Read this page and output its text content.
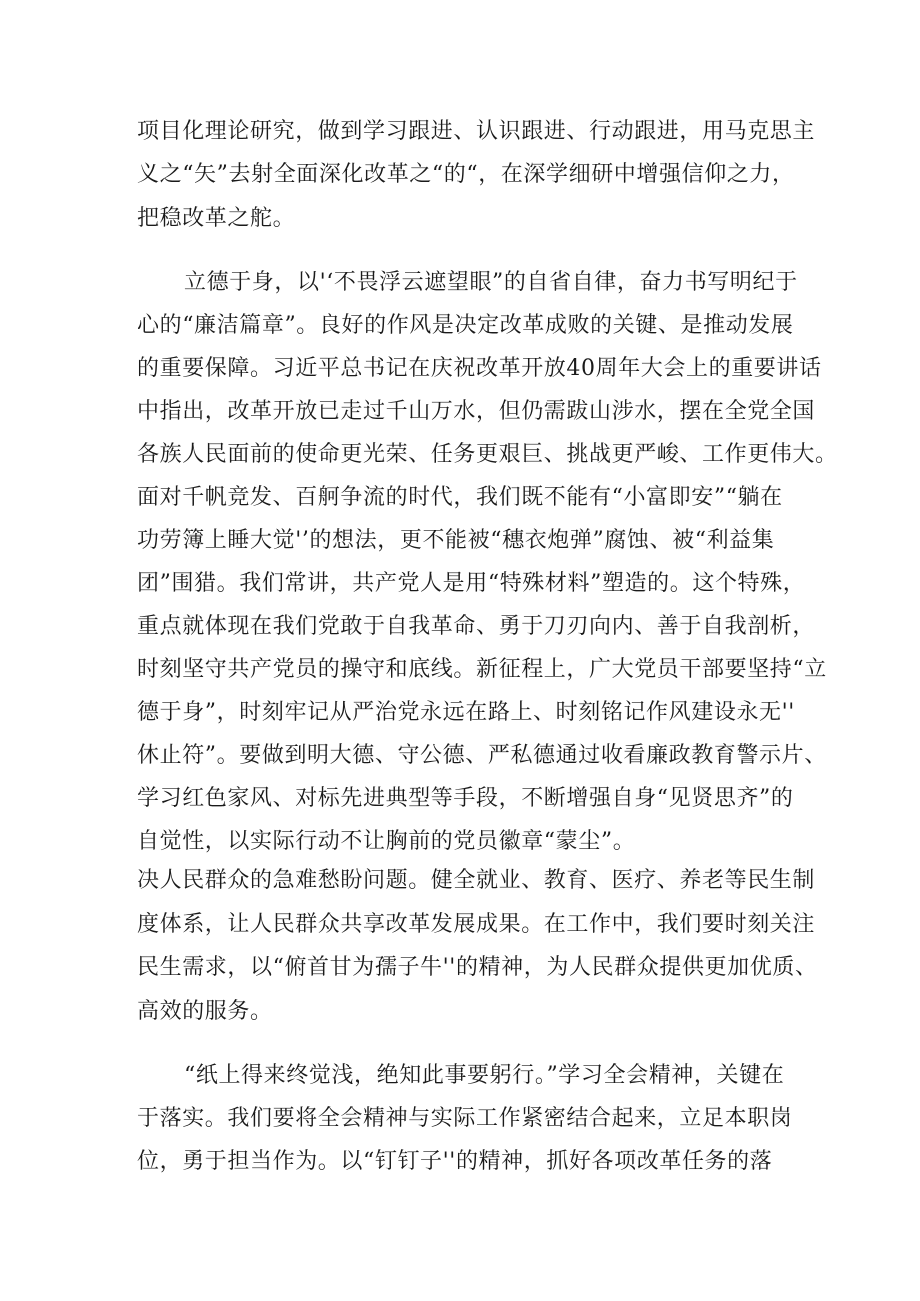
项目化理论研究，做到学习跟进、认识跟进、行动跟进，用马克思主
义之“矢”去射全面深化改革之“的“，在深学细研中增强信仰之力，
把稳改革之舵。
立德于身，以'‘不畏浮云遮望眼”的自省自律，奋力书写明纪于
心的“廉洁篇章”。良好的作风是决定改革成败的关键、是推动发展
的重要保障。习近平总书记在庆祝改革开放40周年大会上的重要讲话
中指出，改革开放已走过千山万水，但仍需跋山涉水，摆在全党全国
各族人民面前的使命更光荣、任务更艰巨、挑战更严峻、工作更伟大。
面对千帆竞发、百舸争流的时代，我们既不能有“小富即安”“躺在
功劳簿上睡大觉'’的想法，更不能被“穗衣炮弹”腐蚀、被“利益集
团”围猎。我们常讲，共产党人是用“特殊材料”塑造的。这个特殊，
重点就体现在我们党敢于自我革命、勇于刀刃向内、善于自我剖析，
时刻坚守共产党员的操守和底线。新征程上，广大党员干部要坚持“立
德于身”，时刻牢记从严治党永远在路上、时刻铭记作风建设永无''
休止符”。要做到明大德、守公德、严私德通过收看廉政教育警示片、
学习红色家风、对标先进典型等手段，不断增强自身“见贤思齐”的
自觉性，以实际行动不让胸前的党员徽章“蒙尘”。
决人民群众的急难愁盼问题。健全就业、教育、医疗、养老等民生制
度体系，让人民群众共享改革发展成果。在工作中，我们要时刻关注
民生需求，以“俯首甘为孺子牛''的精神，为人民群众提供更加优质、
高效的服务。
“纸上得来终觉浅，绝知此事要躬行。”学习全会精神，关键在
于落实。我们要将全会精神与实际工作紧密结合起来，立足本职岗
位，勇于担当作为。以“钉钉子''的精神，抓好各项改革任务的落
